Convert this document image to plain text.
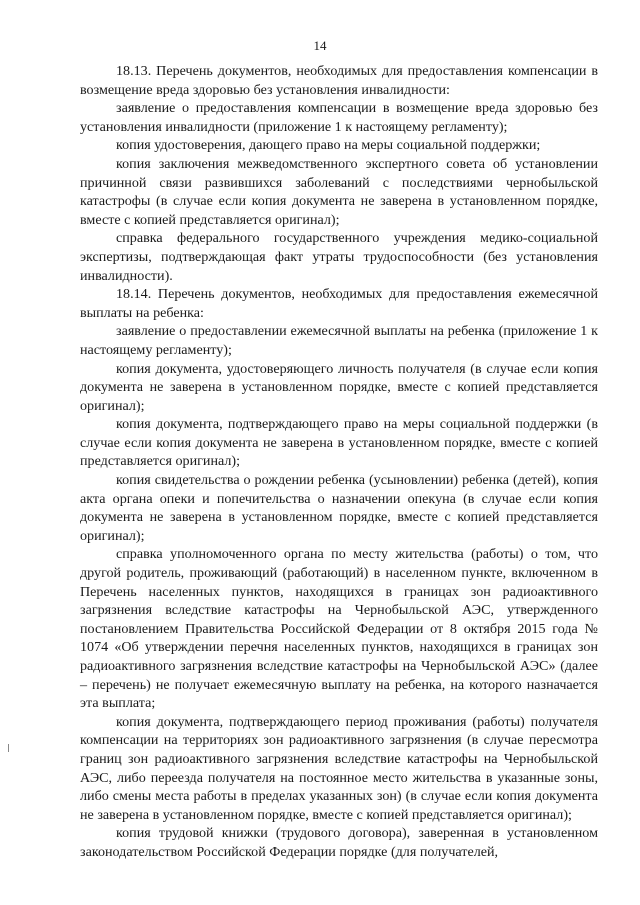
14

18.13. Перечень документов, необходимых для предоставления компенсации в возмещение вреда здоровью без установления инвалидности:

заявление о предоставления компенсации в возмещение вреда здоровью без установления инвалидности (приложение 1 к настоящему регламенту);

копия удостоверения, дающего право на меры социальной поддержки;

копия заключения межведомственного экспертного совета об установлении причинной связи развившихся заболеваний с последствиями чернобыльской катастрофы (в случае если копия документа не заверена в установленном порядке, вместе с копией представляется оригинал);

справка федерального государственного учреждения медико-социальной экспертизы, подтверждающая факт утраты трудоспособности (без установления инвалидности).

18.14. Перечень документов, необходимых для предоставления ежемесячной выплаты на ребенка:

заявление о предоставлении ежемесячной выплаты на ребенка (приложение 1 к настоящему регламенту);

копия документа, удостоверяющего личность получателя (в случае если копия документа не заверена в установленном порядке, вместе с копией представляется оригинал);

копия документа, подтверждающего право на меры социальной поддержки (в случае если копия документа не заверена в установленном порядке, вместе с копией представляется оригинал);

копия свидетельства о рождении ребенка (усыновлении) ребенка (детей), копия акта органа опеки и попечительства о назначении опекуна (в случае если копия документа не заверена в установленном порядке, вместе с копией представляется оригинал);

справка уполномоченного органа по месту жительства (работы) о том, что другой родитель, проживающий (работающий) в населенном пункте, включенном в Перечень населенных пунктов, находящихся в границах зон радиоактивного загрязнения вследствие катастрофы на Чернобыльской АЭС, утвержденного постановлением Правительства Российской Федерации от 8 октября 2015 года № 1074 «Об утверждении перечня населенных пунктов, находящихся в границах зон радиоактивного загрязнения вследствие катастрофы на Чернобыльской АЭС» (далее – перечень) не получает ежемесячную выплату на ребенка, на которого назначается эта выплата;

копия документа, подтверждающего период проживания (работы) получателя компенсации на территориях зон радиоактивного загрязнения (в случае пересмотра границ зон радиоактивного загрязнения вследствие катастрофы на Чернобыльской АЭС, либо переезда получателя на постоянное место жительства в указанные зоны, либо смены места работы в пределах указанных зон) (в случае если копия документа не заверена в установленном порядке, вместе с копией представляется оригинал);

копия трудовой книжки (трудового договора), заверенная в установленном законодательством Российской Федерации порядке (для получателей,
